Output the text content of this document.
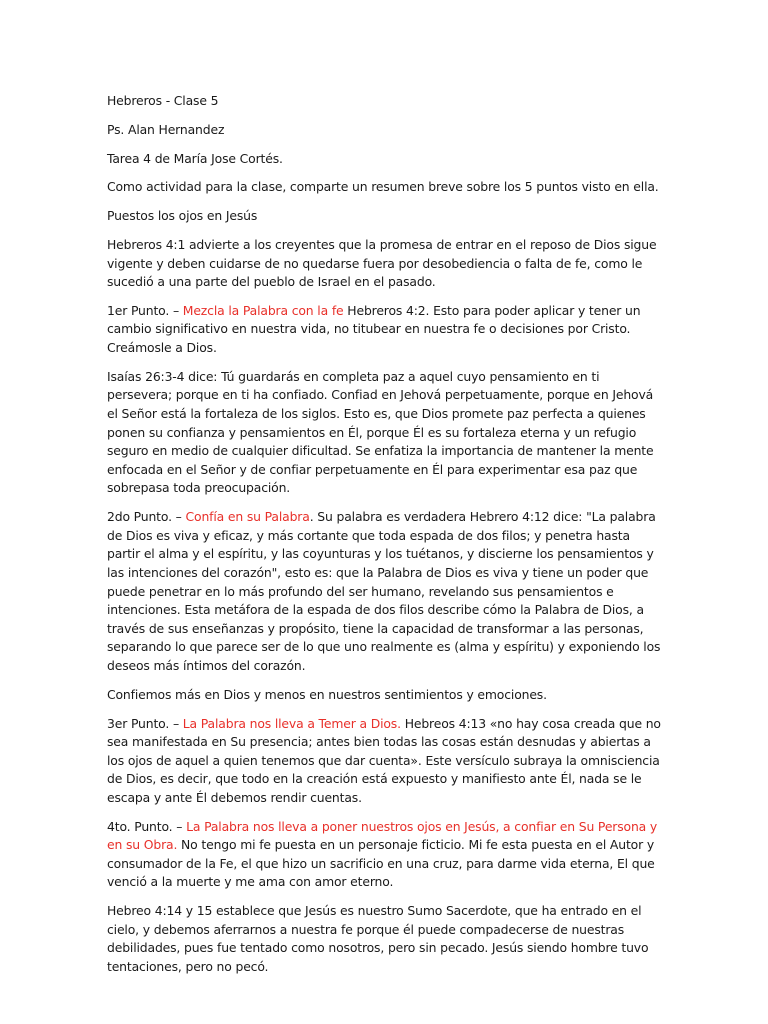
Hebreros - Clase 5

Ps. Alan Hernandez

Tarea 4 de María Jose Cortés.

Como actividad para la clase, comparte un resumen breve sobre los 5 puntos visto en ella.

Puestos los ojos en Jesús

Hebreros 4:1 advierte a los creyentes que la promesa de entrar en el reposo de Dios sigue vigente y deben cuidarse de no quedarse fuera por desobediencia o falta de fe, como le sucedió a una parte del pueblo de Israel en el pasado.

1er Punto. – Mezcla la Palabra con la fe Hebreros 4:2. Esto para poder aplicar y tener un cambio significativo en nuestra vida, no titubear en nuestra fe o decisiones por Cristo. Creámosle a Dios.

Isaías 26:3-4 dice: Tú guardarás en completa paz a aquel cuyo pensamiento en ti persevera; porque en ti ha confiado. Confiad en Jehová perpetuamente, porque en Jehová el Señor está la fortaleza de los siglos. Esto es, que Dios promete paz perfecta a quienes ponen su confianza y pensamientos en Él, porque Él es su fortaleza eterna y un refugio seguro en medio de cualquier dificultad. Se enfatiza la importancia de mantener la mente enfocada en el Señor y de confiar perpetuamente en Él para experimentar esa paz que sobrepasa toda preocupación.

2do Punto. – Confía en su Palabra. Su palabra es verdadera Hebrero 4:12 dice: "La palabra de Dios es viva y eficaz, y más cortante que toda espada de dos filos; y penetra hasta partir el alma y el espíritu, y las coyunturas y los tuétanos, y discierne los pensamientos y las intenciones del corazón", esto es: que la Palabra de Dios es viva y tiene un poder que puede penetrar en lo más profundo del ser humano, revelando sus pensamientos e intenciones. Esta metáfora de la espada de dos filos describe cómo la Palabra de Dios, a través de sus enseñanzas y propósito, tiene la capacidad de transformar a las personas, separando lo que parece ser de lo que uno realmente es (alma y espíritu) y exponiendo los deseos más íntimos del corazón.

Confiemos más en Dios y menos en nuestros sentimientos y emociones.

3er Punto. – La Palabra nos lleva a Temer a Dios. Hebreos 4:13 «no hay cosa creada que no sea manifestada en Su presencia; antes bien todas las cosas están desnudas y abiertas a los ojos de aquel a quien tenemos que dar cuenta». Este versículo subraya la omnisciencia de Dios, es decir, que todo en la creación está expuesto y manifiesto ante Él, nada se le escapa y ante Él debemos rendir cuentas.

4to. Punto. – La Palabra nos lleva a poner nuestros ojos en Jesús, a confiar en Su Persona y en su Obra. No tengo mi fe puesta en un personaje ficticio. Mi fe esta puesta en el Autor y consumador de la Fe, el que hizo un sacrificio en una cruz, para darme vida eterna, El que venció a la muerte y me ama con amor eterno.

Hebreo 4:14 y 15 establece que Jesús es nuestro Sumo Sacerdote, que ha entrado en el cielo, y debemos aferrarnos a nuestra fe porque él puede compadecerse de nuestras debilidades, pues fue tentado como nosotros, pero sin pecado. Jesús siendo hombre tuvo tentaciones, pero no pecó.
